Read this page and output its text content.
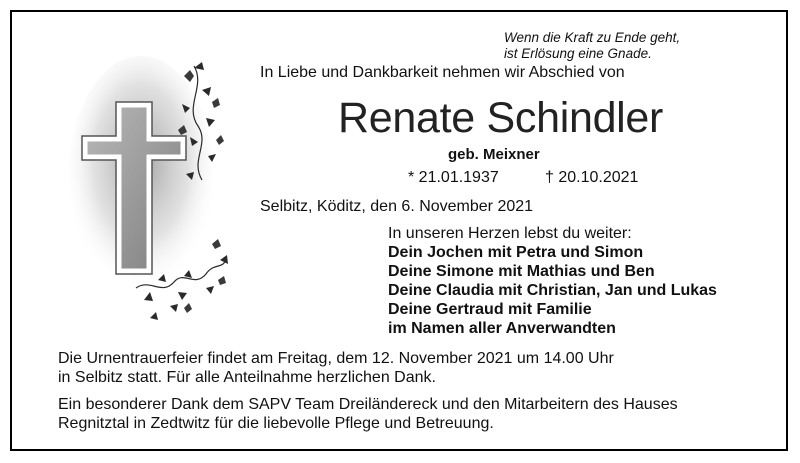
Wenn die Kraft zu Ende geht,
ist Erlösung eine Gnade.
In Liebe und Dankbarkeit nehmen wir Abschied von
Renate Schindler
geb. Meixner
* 21.01.1937	† 20.10.2021
Selbitz, Köditz, den 6. November 2021
In unseren Herzen lebst du weiter:
Dein Jochen mit Petra und Simon
Deine Simone mit Mathias und Ben
Deine Claudia mit Christian, Jan und Lukas
Deine Gertraud mit Familie
im Namen aller Anverwandten
Die Urnentrauerfeier findet am Freitag, dem 12. November 2021 um 14.00 Uhr
in Selbitz statt. Für alle Anteilnahme herzlichen Dank.
Ein besonderer Dank dem SAPV Team Dreiländereck und den Mitarbeitern des Hauses
Regnitztal in Zedtwitz für die liebevolle Pflege und Betreuung.
